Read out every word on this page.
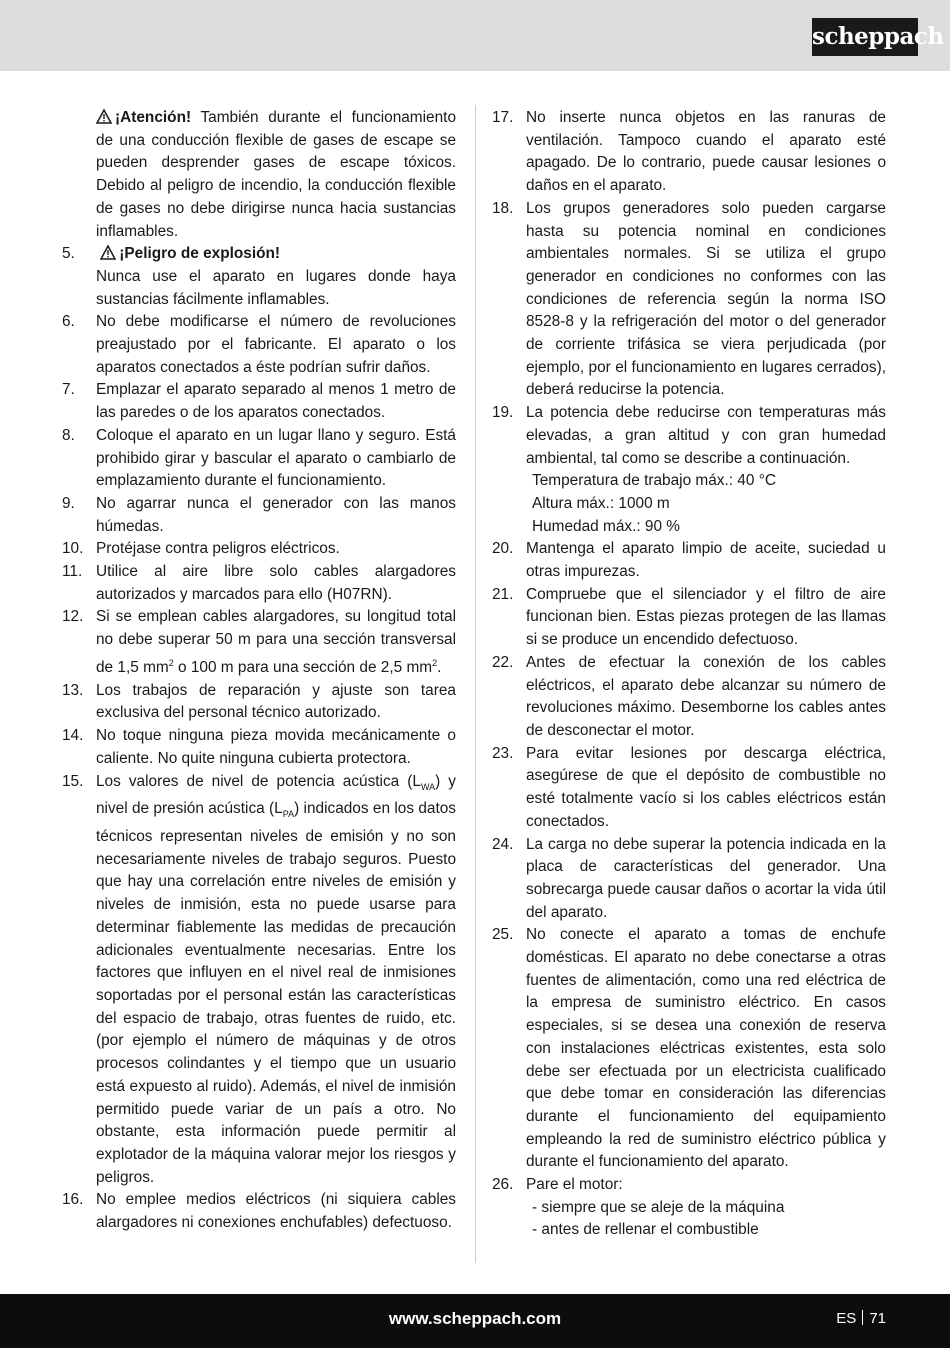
scheppach
¡Atención! También durante el funcionamiento de una conducción flexible de gases de escape se pueden desprender gases de escape tóxicos. Debido al peligro de incendio, la conducción flexible de gases no debe dirigirse nunca hacia sustancias inflamables.
5.	¡Peligro de explosión!
Nunca use el aparato en lugares donde haya sustancias fácilmente inflamables.
6.	No debe modificarse el número de revoluciones preajustado por el fabricante. El aparato o los aparatos conectados a éste podrían sufrir daños.
7.	Emplazar el aparato separado al menos 1 metro de las paredes o de los aparatos conectados.
8.	Coloque el aparato en un lugar llano y seguro. Está prohibido girar y bascular el aparato o cambiarlo de emplazamiento durante el funcionamiento.
9.	No agarrar nunca el generador con las manos húmedas.
10. Protéjase contra peligros eléctricos.
11. Utilice al aire libre solo cables alargadores autorizados y marcados para ello (H07RN).
12. Si se emplean cables alargadores, su longitud total no debe superar 50 m para una sección transversal de 1,5 $mm^2$ o 100 m para una sección de 2,5 $mm^2$.
13. Los trabajos de reparación y ajuste son tarea exclusiva del personal técnico autorizado.
14. No toque ninguna pieza movida mecánicamente o caliente. No quite ninguna cubierta protectora.
15. Los valores de nivel de potencia acústica $(L_{WA})$ y nivel de presión acústica $(L_{PA})$ indicados en los datos técnicos representan niveles de emisión y no son necesariamente niveles de trabajo seguros. Puesto que hay una correlación entre niveles de emisión y niveles de inmisión, esta no puede usarse para determinar fiablemente las medidas de precaución adicionales eventualmente necesarias. Entre los factores que influyen en el nivel real de inmisiones soportadas por el personal están las características del espacio de trabajo, otras fuentes de ruido, etc. (por ejemplo el número de máquinas y de otros procesos colindantes y el tiempo que un usuario está expuesto al ruido). Además, el nivel de inmisión permitido puede variar de un país a otro. No obstante, esta información puede permitir al explotador de la máquina valorar mejor los riesgos y peligros.
16. No emplee medios eléctricos (ni siquiera cables alargadores ni conexiones enchufables) defectuoso.
17. No inserte nunca objetos en las ranuras de ventilación. Tampoco cuando el aparato esté apagado. De lo contrario, puede causar lesiones o daños en el aparato.
18. Los grupos generadores solo pueden cargarse hasta su potencia nominal en condiciones ambientales normales. Si se utiliza el grupo generador en condiciones no conformes con las condiciones de referencia según la norma ISO 8528-8 y la refrigeración del motor o del generador de corriente trifásica se viera perjudicada (por ejemplo, por el funcionamiento en lugares cerrados), deberá reducirse la potencia.
19. La potencia debe reducirse con temperaturas más elevadas, a gran altitud y con gran humedad ambiental, tal como se describe a continuación.
Temperatura de trabajo máx.: 40 °C
Altura máx.: 1000 m
Humedad máx.: 90 %
20. Mantenga el aparato limpio de aceite, suciedad u otras impurezas.
21. Compruebe que el silenciador y el filtro de aire funcionan bien. Estas piezas protegen de las llamas si se produce un encendido defectuoso.
22. Antes de efectuar la conexión de los cables eléctricos, el aparato debe alcanzar su número de revoluciones máximo. Desemborne los cables antes de desconectar el motor.
23. Para evitar lesiones por descarga eléctrica, asegúrese de que el depósito de combustible no esté totalmente vacío si los cables eléctricos están conectados.
24. La carga no debe superar la potencia indicada en la placa de características del generador. Una sobrecarga puede causar daños o acortar la vida útil del aparato.
25. No conecte el aparato a tomas de enchufe domésticas. El aparato no debe conectarse a otras fuentes de alimentación, como una red eléctrica de la empresa de suministro eléctrico. En casos especiales, si se desea una conexión de reserva con instalaciones eléctricas existentes, esta solo debe ser efectuada por un electricista cualificado que debe tomar en consideración las diferencias durante el funcionamiento del equipamiento empleando la red de suministro eléctrico pública y durante el funcionamiento del aparato.
26. Pare el motor:
- siempre que se aleje de la máquina
- antes de rellenar el combustible
www.scheppach.com	ES 71
